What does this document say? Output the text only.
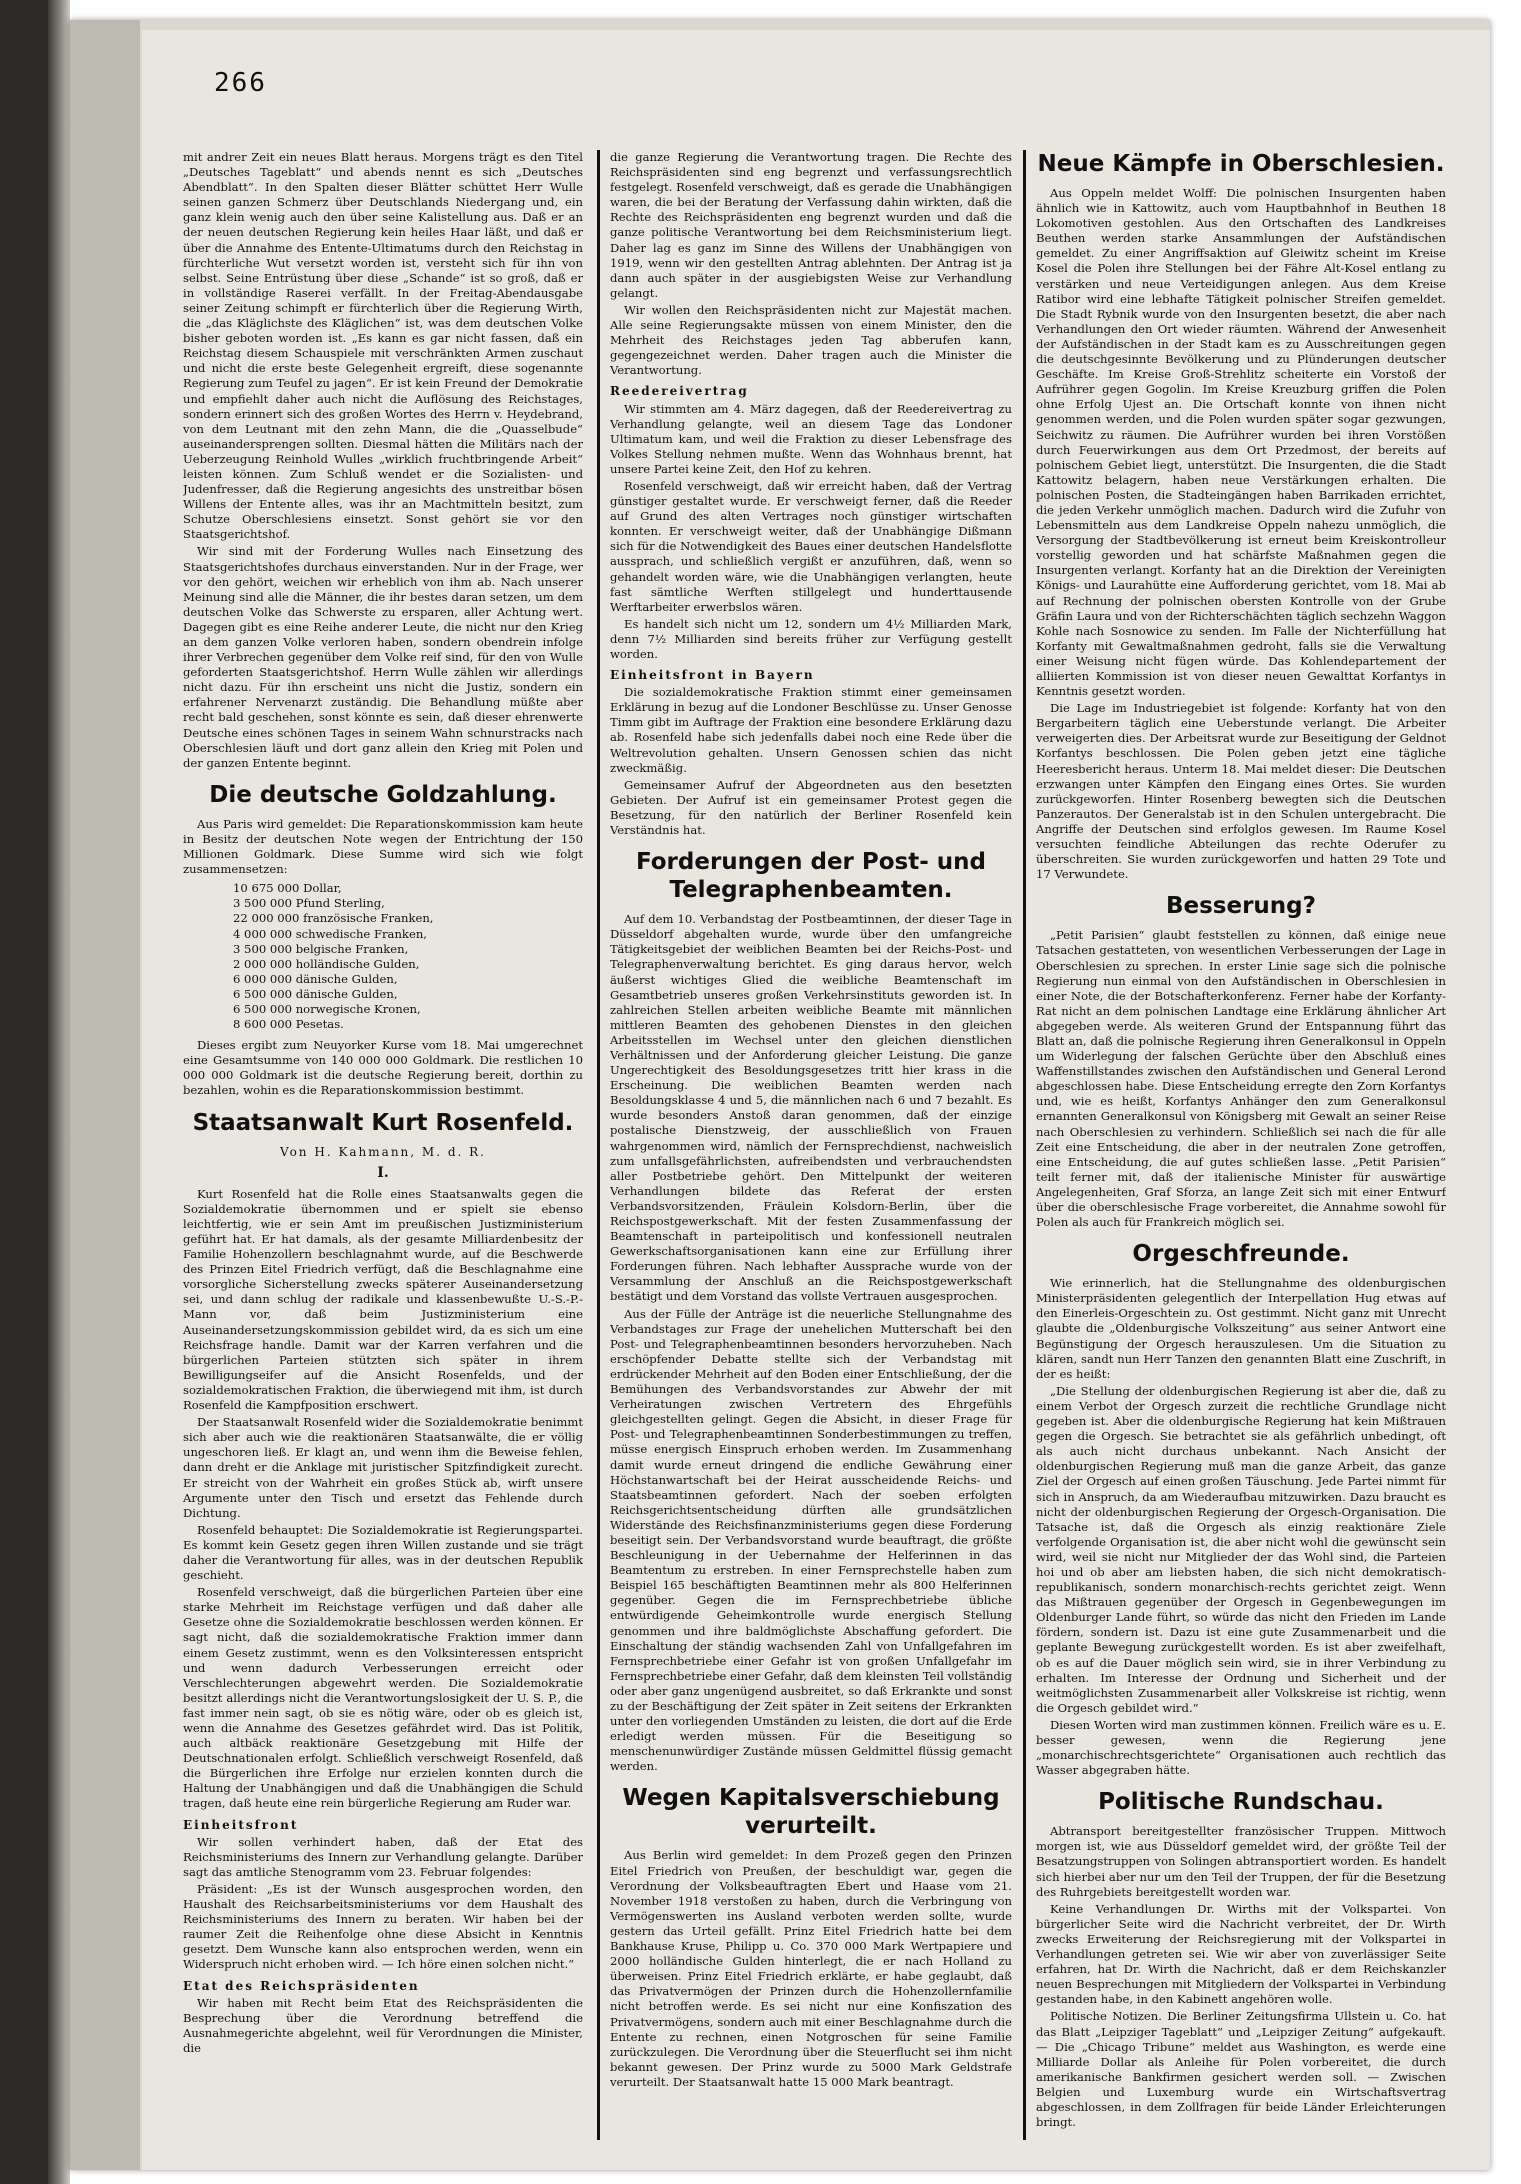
266

mit andrer Zeit ein neues Blatt heraus. Morgens trägt es den Titel „Deutsches Tageblatt“ und abends nennt es sich „Deutsches Abendblatt“. In den Spalten dieser Blätter schüttet Herr Wulle seinen ganzen Schmerz über Deutschlands Niedergang und, ein ganz klein wenig auch den über seine Kalistellung aus. Daß er an der neuen deutschen Regierung kein heiles Haar läßt, und daß er über die Annahme des Entente-Ultimatums durch den Reichstag in fürchterliche Wut versetzt worden ist, versteht sich für ihn von selbst. Seine Entrüstung über diese „Schande“ ist so groß, daß er in vollständige Raserei verfällt. In der Freitag-Abendausgabe seiner Zeitung schimpft er fürchterlich über die Regierung Wirth, die „das Kläglichste des Kläglichen“ ist, was dem deutschen Volke bisher geboten worden ist. „Es kann es gar nicht fassen, daß ein Reichstag diesem Schauspiele mit verschränkten Armen zuschaut und nicht die erste beste Gelegenheit ergreift, diese sogenannte Regierung zum Teufel zu jagen“. Er ist kein Freund der Demokratie und empfiehlt daher auch nicht die Auflösung des Reichstages, sondern erinnert sich des großen Wortes des Herrn v. Heydebrand, von dem Leutnant mit den zehn Mann, die die „Quasselbude“ auseinandersprengen sollten. Diesmal hätten die Militärs nach der Ueberzeugung Reinhold Wulles „wirklich fruchtbringende Arbeit“ leisten können. Zum Schluß wendet er die Sozialisten- und Judenfresser, daß die Regierung angesichts des unstreitbar bösen Willens der Entente alles, was ihr an Machtmitteln besitzt, zum Schutze Oberschlesiens einsetzt. Sonst gehört sie vor den Staatsgerichtshof.

Wir sind mit der Forderung Wulles nach Einsetzung des Staatsgerichtshofes durchaus einverstanden. Nur in der Frage, wer vor den gehört, weichen wir erheblich von ihm ab. Nach unserer Meinung sind alle die Männer, die ihr bestes daran setzen, um dem deutschen Volke das Schwerste zu ersparen, aller Achtung wert. Dagegen gibt es eine Reihe anderer Leute, die nicht nur den Krieg an dem ganzen Volke verloren haben, sondern obendrein infolge ihrer Verbrechen gegenüber dem Volke reif sind, für den von Wulle geforderten Staatsgerichtshof. Herrn Wulle zählen wir allerdings nicht dazu. Für ihn erscheint uns nicht die Justiz, sondern ein erfahrener Nervenarzt zuständig. Die Behandlung müßte aber recht bald geschehen, sonst könnte es sein, daß dieser ehrenwerte Deutsche eines schönen Tages in seinem Wahn schnurstracks nach Oberschlesien läuft und dort ganz allein den Krieg mit Polen und der ganzen Entente beginnt.

Die deutsche Goldzahlung.

Aus Paris wird gemeldet: Die Reparationskommission kam heute in Besitz der deutschen Note wegen der Entrichtung der 150 Millionen Goldmark. Diese Summe wird sich wie folgt zusammensetzen:

10 675 000 Dollar,
3 500 000 Pfund Sterling,
22 000 000 französische Franken,
4 000 000 schwedische Franken,
3 500 000 belgische Franken,
2 000 000 holländische Gulden,
6 000 000 dänische Gulden,
6 500 000 dänische Gulden,
6 500 000 norwegische Kronen,
8 600 000 Pesetas.

Dieses ergibt zum Neuyorker Kurse vom 18. Mai umgerechnet eine Gesamtsumme von 140 000 000 Goldmark. Die restlichen 10 000 000 Goldmark ist die deutsche Regierung bereit, dorthin zu bezahlen, wohin es die Reparationskommission bestimmt.

Staatsanwalt Kurt Rosenfeld.
Von H. Kahmann, M. d. R.
I.

Kurt Rosenfeld hat die Rolle eines Staatsanwalts gegen die Sozialdemokratie übernommen und er spielt sie ebenso leichtfertig, wie er sein Amt im preußischen Justizministerium geführt hat. Er hat damals, als der gesamte Milliardenbesitz der Familie Hohenzollern beschlagnahmt wurde, auf die Beschwerde des Prinzen Eitel Friedrich verfügt, daß die Beschlagnahme eine vorsorgliche Sicherstellung zwecks späterer Auseinandersetzung sei, und dann schlug der radikale und klassenbewußte U.-S.-P.-Mann vor, daß beim Justizministerium eine Auseinandersetzungskommission gebildet wird, da es sich um eine Reichsfrage handle. Damit war der Karren verfahren und die bürgerlichen Parteien stützten sich später in ihrem Bewilligungseifer auf die Ansicht Rosenfelds, und der sozialdemokratischen Fraktion, die überwiegend mit ihm, ist durch Rosenfeld die Kampfposition erschwert.

Der Staatsanwalt Rosenfeld wider die Sozialdemokratie benimmt sich aber auch wie die reaktionären Staatsanwälte, die er völlig ungeschoren ließ. Er klagt an, und wenn ihm die Beweise fehlen, dann dreht er die Anklage mit juristischer Spitzfindigkeit zurecht. Er streicht von der Wahrheit ein großes Stück ab, wirft unsere Argumente unter den Tisch und ersetzt das Fehlende durch Dichtung.

Rosenfeld behauptet: Die Sozialdemokratie ist Regierungspartei. Es kommt kein Gesetz gegen ihren Willen zustande und sie trägt daher die Verantwortung für alles, was in der deutschen Republik geschieht.

Rosenfeld verschweigt, daß die bürgerlichen Parteien über eine starke Mehrheit im Reichstage verfügen und daß daher alle Gesetze ohne die Sozialdemokratie beschlossen werden können. Er sagt nicht, daß die sozialdemokratische Fraktion immer dann einem Gesetz zustimmt, wenn es den Volksinteressen entspricht und wenn dadurch Verbesserungen erreicht oder Verschlechterungen abgewehrt werden. Die Sozialdemokratie besitzt allerdings nicht die Verantwortungslosigkeit der U. S. P., die fast immer nein sagt, ob sie es nötig wäre, oder ob es gleich ist, wenn die Annahme des Gesetzes gefährdet wird. Das ist Politik, auch altbäck reaktionäre Gesetzgebung mit Hilfe der Deutschnationalen erfolgt. Schließlich verschweigt Rosenfeld, daß die Bürgerlichen ihre Erfolge nur erzielen konnten durch die Haltung der Unabhängigen und daß die Unabhängigen die Schuld tragen, daß heute eine rein bürgerliche Regierung am Ruder war.

Einheitsfront

Wir sollen verhindert haben, daß der Etat des Reichsministeriums des Innern zur Verhandlung gelangte. Darüber sagt das amtliche Stenogramm vom 23. Februar folgendes:

Präsident: „Es ist der Wunsch ausgesprochen worden, den Haushalt des Reichsarbeitsministeriums vor dem Haushalt des Reichsministeriums des Innern zu beraten. Wir haben bei der raumer Zeit die Reihenfolge ohne diese Absicht in Kenntnis gesetzt. Dem Wunsche kann also entsprochen werden, wenn ein Widerspruch nicht erhoben wird. — Ich höre einen solchen nicht.“

Etat des Reichspräsidenten

Wir haben mit Recht beim Etat des Reichspräsidenten die Besprechung über die Verordnung betreffend die Ausnahmegerichte abgelehnt, weil für Verordnungen die Minister, die

die ganze Regierung die Verantwortung tragen. Die Rechte des Reichspräsidenten sind eng begrenzt und verfassungsrechtlich festgelegt. Rosenfeld verschweigt, daß es gerade die Unabhängigen waren, die bei der Beratung der Verfassung dahin wirkten, daß die Rechte des Reichspräsidenten eng begrenzt wurden und daß die ganze politische Verantwortung bei dem Reichsministerium liegt. Daher lag es ganz im Sinne des Willens der Unabhängigen von 1919, wenn wir den gestellten Antrag ablehnten. Der Antrag ist ja dann auch später in der ausgiebigsten Weise zur Verhandlung gelangt.

Wir wollen den Reichspräsidenten nicht zur Majestät machen. Alle seine Regierungsakte müssen von einem Minister, den die Mehrheit des Reichstages jeden Tag abberufen kann, gegengezeichnet werden. Daher tragen auch die Minister die Verantwortung.

Reedereivertrag

Wir stimmten am 4. März dagegen, daß der Reedereivertrag zu Verhandlung gelangte, weil an diesem Tage das Londoner Ultimatum kam, und weil die Fraktion zu dieser Lebensfrage des Volkes Stellung nehmen mußte. Wenn das Wohnhaus brennt, hat unsere Partei keine Zeit, den Hof zu kehren.

Rosenfeld verschweigt, daß wir erreicht haben, daß der Vertrag günstiger gestaltet wurde. Er verschweigt ferner, daß die Reeder auf Grund des alten Vertrages noch günstiger wirtschaften konnten. Er verschweigt weiter, daß der Unabhängige Dißmann sich für die Notwendigkeit des Baues einer deutschen Handelsflotte aussprach, und schließlich vergißt er anzuführen, daß, wenn so gehandelt worden wäre, wie die Unabhängigen verlangten, heute fast sämtliche Werften stillgelegt und hunderttausende Werftarbeiter erwerbslos wären.

Es handelt sich nicht um 12, sondern um 4½ Milliarden Mark, denn 7½ Milliarden sind bereits früher zur Verfügung gestellt worden.

Einheitsfront in Bayern

Die sozialdemokratische Fraktion stimmt einer gemeinsamen Erklärung in bezug auf die Londoner Beschlüsse zu. Unser Genosse Timm gibt im Auftrage der Fraktion eine besondere Erklärung dazu ab. Rosenfeld habe sich jedenfalls dabei noch eine Rede über die Weltrevolution gehalten. Unsern Genossen schien das nicht zweckmäßig.

Gemeinsamer Aufruf der Abgeordneten aus den besetzten Gebieten. Der Aufruf ist ein gemeinsamer Protest gegen die Besetzung, für den natürlich der Berliner Rosenfeld kein Verständnis hat.

Forderungen der Post- und Telegraphenbeamten.

Auf dem 10. Verbandstag der Postbeamtinnen, der dieser Tage in Düsseldorf abgehalten wurde, wurde über den umfangreiche Tätigkeitsgebiet der weiblichen Beamten bei der Reichs-Post- und Telegraphenverwaltung berichtet. Es ging daraus hervor, welch äußerst wichtiges Glied die weibliche Beamtenschaft im Gesamtbetrieb unseres großen Verkehrsinstituts geworden ist. In zahlreichen Stellen arbeiten weibliche Beamte mit männlichen mittleren Beamten des gehobenen Dienstes in den gleichen Arbeitsstellen im Wechsel unter den gleichen dienstlichen Verhältnissen und der Anforderung gleicher Leistung. Die ganze Ungerechtigkeit des Besoldungsgesetzes tritt hier krass in die Erscheinung. Die weiblichen Beamten werden nach Besoldungsklasse 4 und 5, die männlichen nach 6 und 7 bezahlt. Es wurde besonders Anstoß daran genommen, daß der einzige postalische Dienstzweig, der ausschließlich von Frauen wahrgenommen wird, nämlich der Fernsprechdienst, nachweislich zum unfallsgefährlichsten, aufreibendsten und verbrauchendsten aller Postbetriebe gehört. Den Mittelpunkt der weiteren Verhandlungen bildete das Referat der ersten Verbandsvorsitzenden, Fräulein Kolsdorn-Berlin, über die Reichspostgewerkschaft. Mit der festen Zusammenfassung der Beamtenschaft in parteipolitisch und konfessionell neutralen Gewerkschaftsorganisationen kann eine zur Erfüllung ihrer Forderungen führen. Nach lebhafter Aussprache wurde von der Versammlung der Anschluß an die Reichspostgewerkschaft bestätigt und dem Vorstand das vollste Vertrauen ausgesprochen.

Aus der Fülle der Anträge ist die neuerliche Stellungnahme des Verbandstages zur Frage der unehelichen Mutterschaft bei den Post- und Telegraphenbeamtinnen besonders hervorzuheben. Nach erschöpfender Debatte stellte sich der Verbandstag mit erdrückender Mehrheit auf den Boden einer Entschließung, der die Bemühungen des Verbandsvorstandes zur Abwehr der mit Verheiratungen zwischen Vertretern des Ehrgefühls gleichgestellten gelingt. Gegen die Absicht, in dieser Frage für Post- und Telegraphenbeamtinnen Sonderbestimmungen zu treffen, müsse energisch Einspruch erhoben werden. Im Zusammenhang damit wurde erneut dringend die endliche Gewährung einer Höchstanwartschaft bei der Heirat ausscheidende Reichs- und Staatsbeamtinnen gefordert. Nach der soeben erfolgten Reichsgerichtsentscheidung dürften alle grundsätzlichen Widerstände des Reichsfinanzministeriums gegen diese Forderung beseitigt sein. Der Verbandsvorstand wurde beauftragt, die größte Beschleunigung in der Uebernahme der Helferinnen in das Beamtentum zu erstreben. In einer Fernsprechstelle haben zum Beispiel 165 beschäftigten Beamtinnen mehr als 800 Helferinnen gegenüber. Gegen die im Fernsprechbetriebe übliche entwürdigende Geheimkontrolle wurde energisch Stellung genommen und ihre baldmöglichste Abschaffung gefordert. Die Einschaltung der ständig wachsenden Zahl von Unfallgefahren im Fernsprechbetriebe einer Gefahr ist von großen Unfallgefahr im Fernsprechbetriebe einer Gefahr, daß dem kleinsten Teil vollständig oder aber ganz ungenügend ausbreitet, so daß Erkrankte und sonst zu der Beschäftigung der Zeit später in Zeit seitens der Erkrankten unter den vorliegenden Umständen zu leisten, die dort auf die Erde erledigt werden müssen. Für die Beseitigung so menschenunwürdiger Zustände müssen Geldmittel flüssig gemacht werden.

Wegen Kapitalsverschiebung verurteilt.

Aus Berlin wird gemeldet: In dem Prozeß gegen den Prinzen Eitel Friedrich von Preußen, der beschuldigt war, gegen die Verordnung der Volksbeauftragten Ebert und Haase vom 21. November 1918 verstoßen zu haben, durch die Verbringung von Vermögenswerten ins Ausland verboten werden sollte, wurde gestern das Urteil gefällt. Prinz Eitel Friedrich hatte bei dem Bankhause Kruse, Philipp u. Co. 370 000 Mark Wertpapiere und 2000 holländische Gulden hinterlegt, die er nach Holland zu überweisen. Prinz Eitel Friedrich erklärte, er habe geglaubt, daß das Privatvermögen der Prinzen durch die Hohenzollernfamilie nicht betroffen werde. Es sei nicht nur eine Konfiszation des Privatvermögens, sondern auch mit einer Beschlagnahme durch die Entente zu rechnen, einen Notgroschen für seine Familie zurückzulegen. Die Verordnung über die Steuerflucht sei ihm nicht bekannt gewesen. Der Prinz wurde zu 5000 Mark Geldstrafe verurteilt. Der Staatsanwalt hatte 15 000 Mark beantragt.

Neue Kämpfe in Oberschlesien.

Aus Oppeln meldet Wolff: Die polnischen Insurgenten haben ähnlich wie in Kattowitz, auch vom Hauptbahnhof in Beuthen 18 Lokomotiven gestohlen. Aus den Ortschaften des Landkreises Beuthen werden starke Ansammlungen der Aufständischen gemeldet. Zu einer Angriffsaktion auf Gleiwitz scheint im Kreise Kosel die Polen ihre Stellungen bei der Fähre Alt-Kosel entlang zu verstärken und neue Verteidigungen anlegen. Aus dem Kreise Ratibor wird eine lebhafte Tätigkeit polnischer Streifen gemeldet. Die Stadt Rybnik wurde von den Insurgenten besetzt, die aber nach Verhandlungen den Ort wieder räumten. Während der Anwesenheit der Aufständischen in der Stadt kam es zu Ausschreitungen gegen die deutschgesinnte Bevölkerung und zu Plünderungen deutscher Geschäfte. Im Kreise Groß-Strehlitz scheiterte ein Vorstoß der Aufrührer gegen Gogolin. Im Kreise Kreuzburg griffen die Polen ohne Erfolg Ujest an. Die Ortschaft konnte von ihnen nicht genommen werden, und die Polen wurden später sogar gezwungen, Seichwitz zu räumen. Die Aufrührer wurden bei ihren Vorstößen durch Feuerwirkungen aus dem Ort Przedmost, der bereits auf polnischem Gebiet liegt, unterstützt. Die Insurgenten, die die Stadt Kattowitz belagern, haben neue Verstärkungen erhalten. Die polnischen Posten, die Stadteingängen haben Barrikaden errichtet, die jeden Verkehr unmöglich machen. Dadurch wird die Zufuhr von Lebensmitteln aus dem Landkreise Oppeln nahezu unmöglich, die Versorgung der Stadtbevölkerung ist erneut beim Kreiskontrolleur vorstellig geworden und hat schärfste Maßnahmen gegen die Insurgenten verlangt. Korfanty hat an die Direktion der Vereinigten Königs- und Laurahütte eine Aufforderung gerichtet, vom 18. Mai ab auf Rechnung der polnischen obersten Kontrolle von der Grube Gräfin Laura und von der Richterschächten täglich sechzehn Waggon Kohle nach Sosnowice zu senden. Im Falle der Nichterfüllung hat Korfanty mit Gewaltmaßnahmen gedroht, falls sie die Verwaltung einer Weisung nicht fügen würde. Das Kohlendepartement der alliierten Kommission ist von dieser neuen Gewalttat Korfantys in Kenntnis gesetzt worden.

Die Lage im Industriegebiet ist folgende: Korfanty hat von den Bergarbeitern täglich eine Ueberstunde verlangt. Die Arbeiter verweigerten dies. Der Arbeitsrat wurde zur Beseitigung der Geldnot Korfantys beschlossen. Die Polen geben jetzt eine tägliche Heeresbericht heraus. Unterm 18. Mai meldet dieser: Die Deutschen erzwangen unter Kämpfen den Eingang eines Ortes. Sie wurden zurückgeworfen. Hinter Rosenberg bewegten sich die Deutschen Panzerautos. Der Generalstab ist in den Schulen untergebracht. Die Angriffe der Deutschen sind erfolglos gewesen. Im Raume Kosel versuchten feindliche Abteilungen das rechte Oderufer zu überschreiten. Sie wurden zurückgeworfen und hatten 29 Tote und 17 Verwundete.

Besserung?

„Petit Parisien“ glaubt feststellen zu können, daß einige neue Tatsachen gestatteten, von wesentlichen Verbesserungen der Lage in Oberschlesien zu sprechen. In erster Linie sage sich die polnische Regierung nun einmal von den Aufständischen in Oberschlesien in einer Note, die der Botschafterkonferenz. Ferner habe der Korfanty-Rat nicht an dem polnischen Landtage eine Erklärung ähnlicher Art abgegeben werde. Als weiteren Grund der Entspannung führt das Blatt an, daß die polnische Regierung ihren Generalkonsul in Oppeln um Widerlegung der falschen Gerüchte über den Abschluß eines Waffenstillstandes zwischen den Aufständischen und General Lerond abgeschlossen habe. Diese Entscheidung erregte den Zorn Korfantys und, wie es heißt, Korfantys Anhänger den zum Generalkonsul ernannten Generalkonsul von Königsberg mit Gewalt an seiner Reise nach Oberschlesien zu verhindern. Schließlich sei nach die für alle Zeit eine Entscheidung, die aber in der neutralen Zone getroffen, eine Entscheidung, die auf gutes schließen lasse. „Petit Parisien“ teilt ferner mit, daß der italienische Minister für auswärtige Angelegenheiten, Graf Sforza, an lange Zeit sich mit einer Entwurf über die oberschlesische Frage vorbereitet, die Annahme sowohl für Polen als auch für Frankreich möglich sei.

Orgeschfreunde.

Wie erinnerlich, hat die Stellungnahme des oldenburgischen Ministerpräsidenten gelegentlich der Interpellation Hug etwas auf den Einerleis-Orgeschtein zu. Ost gestimmt. Nicht ganz mit Unrecht glaubte die „Oldenburgische Volkszeitung“ aus seiner Antwort eine Begünstigung der Orgesch herauszulesen. Um die Situation zu klären, sandt nun Herr Tanzen den genannten Blatt eine Zuschrift, in der es heißt:

„Die Stellung der oldenburgischen Regierung ist aber die, daß zu einem Verbot der Orgesch zurzeit die rechtliche Grundlage nicht gegeben ist. Aber die oldenburgische Regierung hat kein Mißtrauen gegen die Orgesch. Sie betrachtet sie als gefährlich unbedingt, oft als auch nicht durchaus unbekannt. Nach Ansicht der oldenburgischen Regierung muß man die ganze Arbeit, das ganze Ziel der Orgesch auf einen großen Täuschung. Jede Partei nimmt für sich in Anspruch, da am Wiederaufbau mitzuwirken. Dazu braucht es nicht der oldenburgischen Regierung der Orgesch-Organisation. Die Tatsache ist, daß die Orgesch als einzig reaktionäre Ziele verfolgende Organisation ist, die aber nicht wohl die gewünscht sein wird, weil sie nicht nur Mitglieder der das Wohl sind, die Parteien hoi und ob aber am liebsten haben, die sich nicht demokratisch-republikanisch, sondern monarchisch-rechts gerichtet zeigt. Wenn das Mißtrauen gegenüber der Orgesch in Gegenbewegungen im Oldenburger Lande führt, so würde das nicht den Frieden im Lande fördern, sondern ist. Dazu ist eine gute Zusammenarbeit und die geplante Bewegung zurückgestellt worden. Es ist aber zweifelhaft, ob es auf die Dauer möglich sein wird, sie in ihrer Verbindung zu erhalten. Im Interesse der Ordnung und Sicherheit und der weitmöglichsten Zusammenarbeit aller Volkskreise ist richtig, wenn die Orgesch gebildet wird.“

Diesen Worten wird man zustimmen können. Freilich wäre es u. E. besser gewesen, wenn die Regierung jene „monarchischrechtsgerichtete“ Organisationen auch rechtlich das Wasser abgegraben hätte.

Politische Rundschau.

Abtransport bereitgestellter französischer Truppen. Mittwoch morgen ist, wie aus Düsseldorf gemeldet wird, der größte Teil der Besatzungstruppen von Solingen abtransportiert worden. Es handelt sich hierbei aber nur um den Teil der Truppen, der für die Besetzung des Ruhrgebiets bereitgestellt worden war.

Keine Verhandlungen Dr. Wirths mit der Volkspartei. Von bürgerlicher Seite wird die Nachricht verbreitet, der Dr. Wirth zwecks Erweiterung der Reichsregierung mit der Volkspartei in Verhandlungen getreten sei. Wie wir aber von zuverlässiger Seite erfahren, hat Dr. Wirth die Nachricht, daß er dem Reichskanzler neuen Besprechungen mit Mitgliedern der Volkspartei in Verbindung gestanden habe, in den Kabinett angehören wolle.

Politische Notizen. Die Berliner Zeitungsfirma Ullstein u. Co. hat das Blatt „Leipziger Tageblatt“ und „Leipziger Zeitung“ aufgekauft. — Die „Chicago Tribune“ meldet aus Washington, es werde eine Milliarde Dollar als Anleihe für Polen vorbereitet, die durch amerikanische Bankfirmen gesichert werden soll. — Zwischen Belgien und Luxemburg wurde ein Wirtschaftsvertrag abgeschlossen, in dem Zollfragen für beide Länder Erleichterungen bringt.
